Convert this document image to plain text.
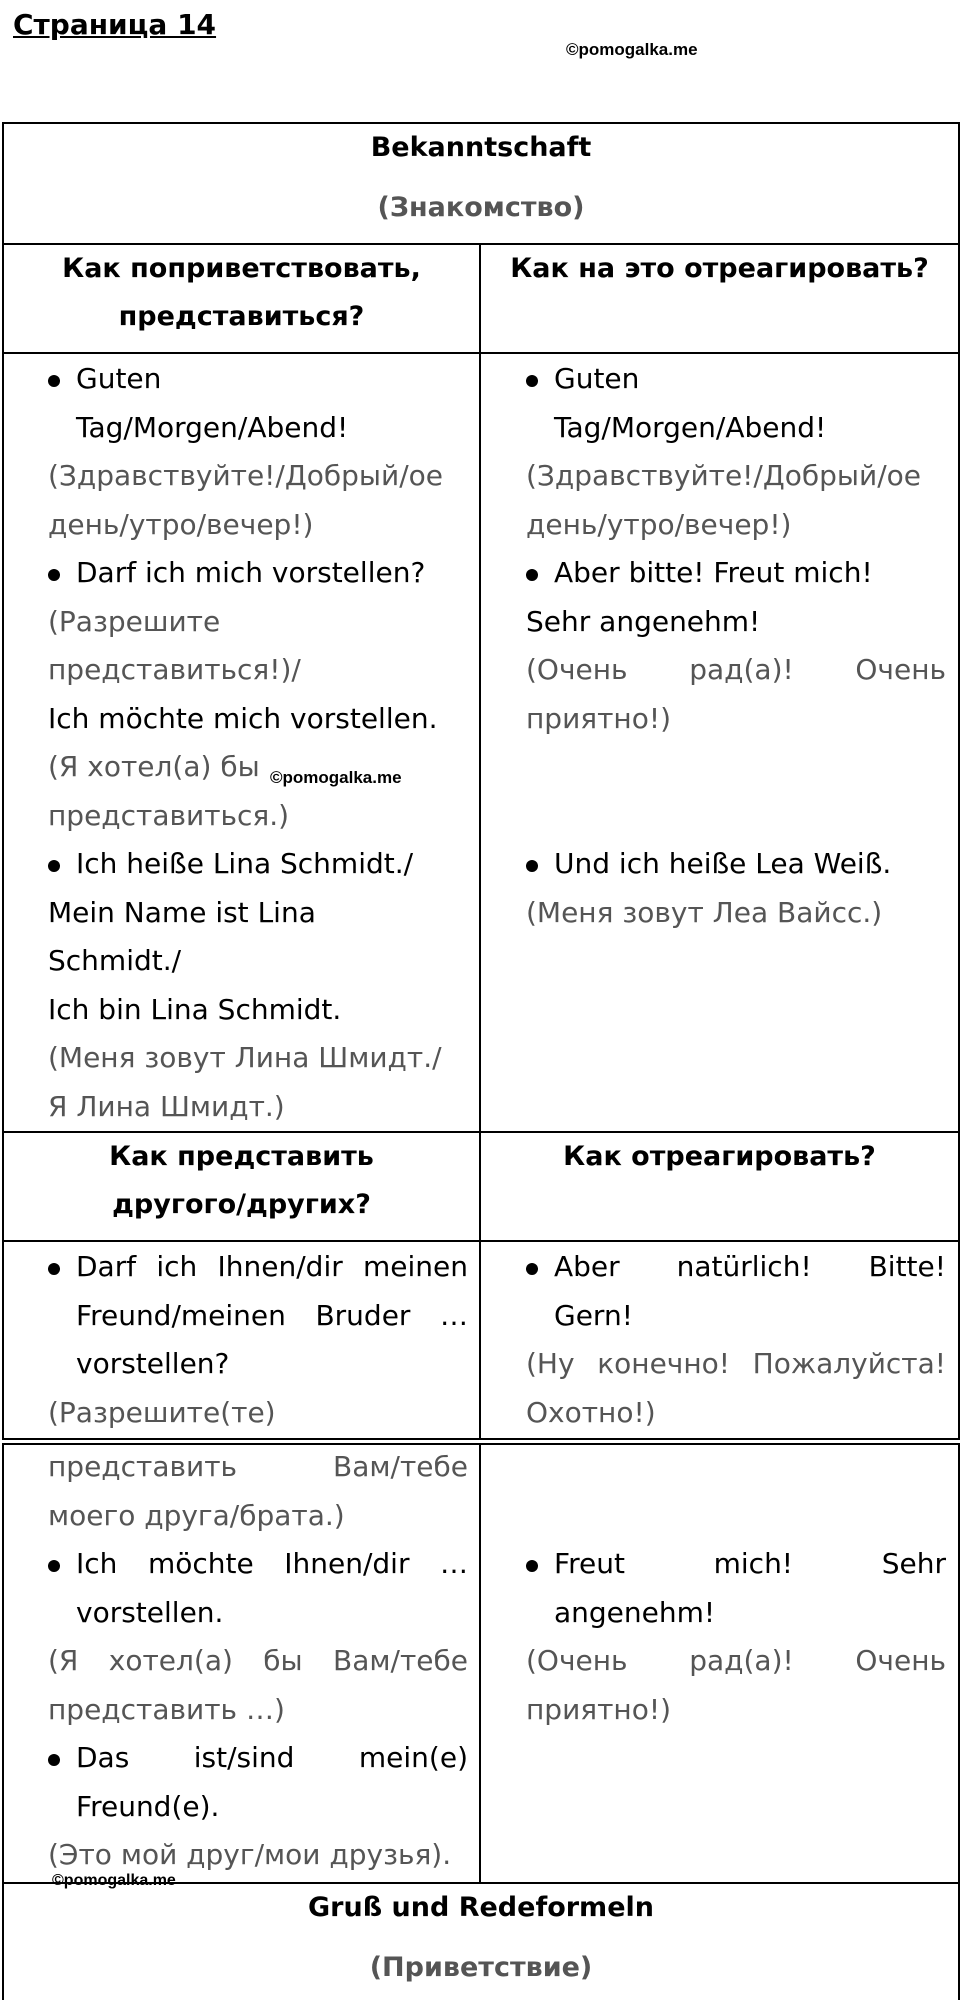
Страница 14
©pomogalka.me
Bekanntschaft
(Знакомство)
Как поприветствовать,
представиться?
Как на это отреагировать?

Guten

Tag/Morgen/Abend!

(Здравствуйте!/Добрый/ое

день/утро/вечер!)

Darf ich mich vorstellen?

(Разрешите

представиться!)/

Ich möchte mich vorstellen.

(Я хотел(а) бы

представиться.)

Ich heiße Lina Schmidt./

Mein Name ist Lina

Schmidt./

Ich bin Lina Schmidt.

(Меня зовут Лина Шмидт./

Я Лина Шмидт.)

©pomogalka.me

Guten

Tag/Morgen/Abend!

(Здравствуйте!/Добрый/ое

день/утро/вечер!)

Aber bitte! Freut mich!

Sehr angenehm!

(Очень рад(а)! Очень

приятно!)

Und ich heiße Lea Weiß.

(Меня зовут Леа Вайсс.)

Как представить
другого/других?
Как отреагировать?

Darf ich Ihnen/dir meinen

Freund/meinen Bruder …

vorstellen?

(Разрешите(те)

Aber natürlich! Bitte!

Gern!

(Ну конечно! Пожалуйста!

Охотно!)

представить Вам/тебе

моего друга/брата.)

Ich möchte Ihnen/dir …

vorstellen.

(Я хотел(а) бы Вам/тебе

представить …)

Das ist/sind mein(e)

Freund(e).

(Это мой друг/мои друзья).

Freut mich! Sehr

angenehm!

(Очень рад(а)! Очень

приятно!)

©pomogalka.me
Gruß und Redeformeln
(Приветствие)
